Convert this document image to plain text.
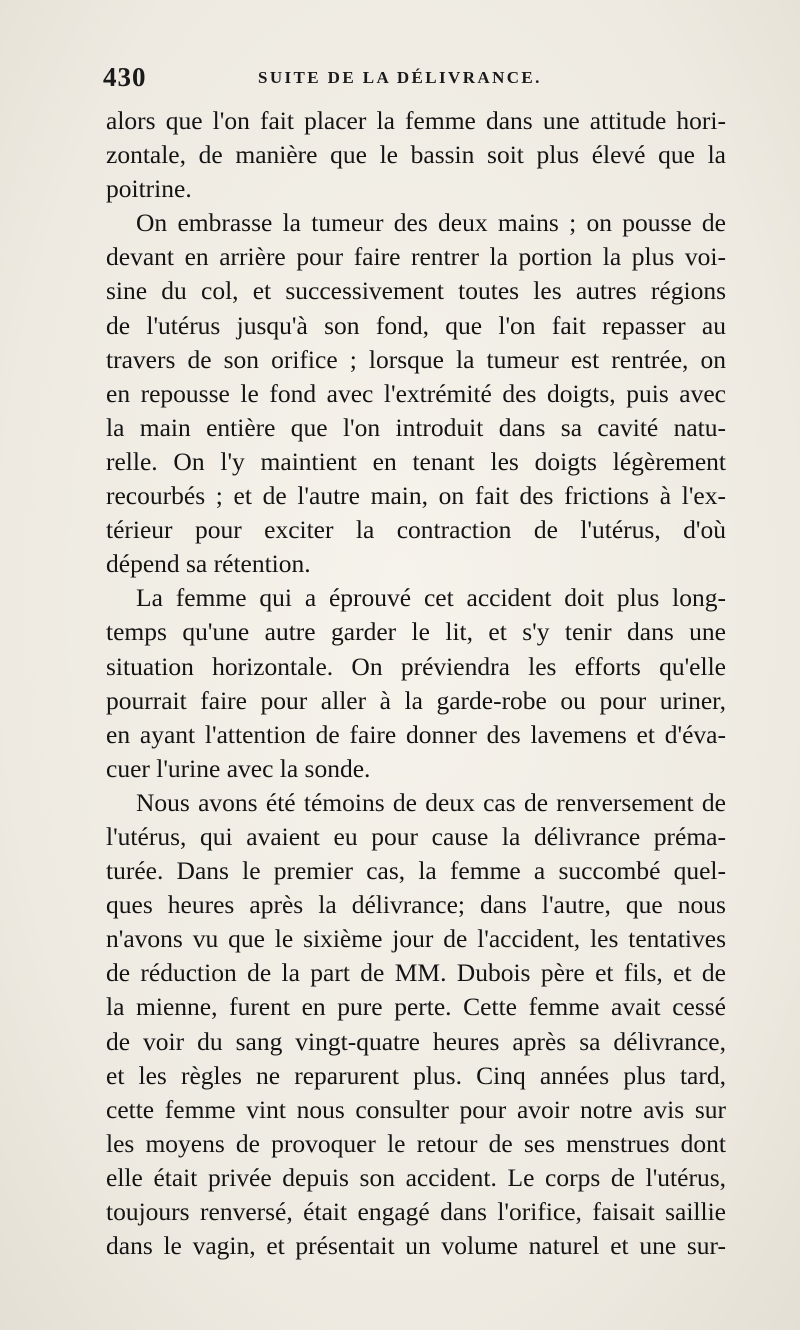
430	SUITE DE LA DÉLIVRANCE.
alors que l'on fait placer la femme dans une attitude hori-
zontale, de manière que le bassin soit plus élevé que la
poitrine.
On embrasse la tumeur des deux mains ; on pousse de
devant en arrière pour faire rentrer la portion la plus voi-
sine du col, et successivement toutes les autres régions
de l'utérus jusqu'à son fond, que l'on fait repasser au
travers de son orifice ; lorsque la tumeur est rentrée, on
en repousse le fond avec l'extrémité des doigts, puis avec
la main entière que l'on introduit dans sa cavité natu-
relle. On l'y maintient en tenant les doigts légèrement
recourbés ; et de l'autre main, on fait des frictions à l'ex-
térieur pour exciter la contraction de l'utérus, d'où
dépend sa rétention.
La femme qui a éprouvé cet accident doit plus long-
temps qu'une autre garder le lit, et s'y tenir dans une
situation horizontale. On préviendra les efforts qu'elle
pourrait faire pour aller à la garde-robe ou pour uriner,
en ayant l'attention de faire donner des lavemens et d'éva-
cuer l'urine avec la sonde.
Nous avons été témoins de deux cas de renversement de
l'utérus, qui avaient eu pour cause la délivrance préma-
turée. Dans le premier cas, la femme a succombé quel-
ques heures après la délivrance; dans l'autre, que nous
n'avons vu que le sixième jour de l'accident, les tentatives
de réduction de la part de MM. Dubois père et fils, et de
la mienne, furent en pure perte. Cette femme avait cessé
de voir du sang vingt-quatre heures après sa délivrance,
et les règles ne reparurent plus. Cinq années plus tard,
cette femme vint nous consulter pour avoir notre avis sur
les moyens de provoquer le retour de ses menstrues dont
elle était privée depuis son accident. Le corps de l'utérus,
toujours renversé, était engagé dans l'orifice, faisait saillie
dans le vagin, et présentait un volume naturel et une sur-
